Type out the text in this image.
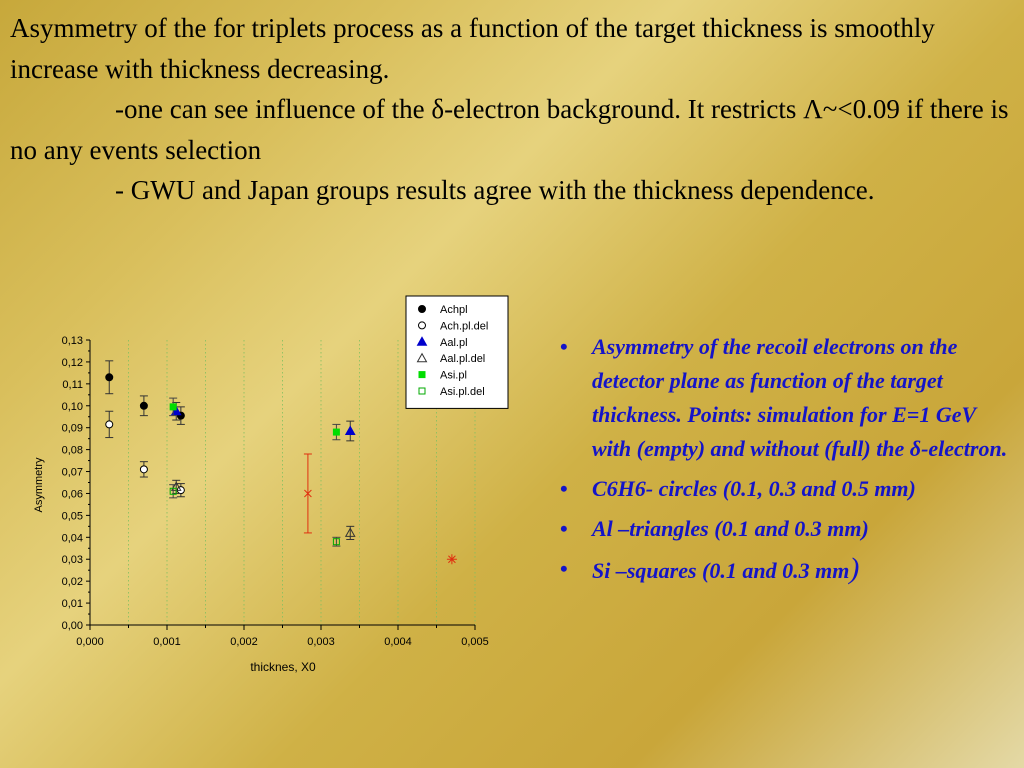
Asymmetry of the for triplets process as a function of the target thickness is smoothly increase with thickness decreasing.

-one can see influence of the δ-electron background. It restricts Λ~<0.09 if there is no any events selection

- GWU and Japan groups results agree with the thickness dependence.

0,00
0,01
0,02
0,03
0,04
0,05
0,06
0,07
0,08
0,09
0,10
0,11
0,12
0,13
0,000	0,001	0,002	0,003	0,004	0,005
thicknes, X0
Asymmetry
Achpl
Ach.pl.del
Aal.pl
Aal.pl.del
Asi.pl
Asi.pl.del
• Asymmetry of the recoil electrons on the detector plane as function of the target thickness. Points: simulation for E=1 GeV with (empty) and without (full) the δ-electron.
• C6H6- circles (0.1, 0.3 and 0.5 mm)
• Al –triangles (0.1 and 0.3 mm)
• Si –squares (0.1 and 0.3 mm)
